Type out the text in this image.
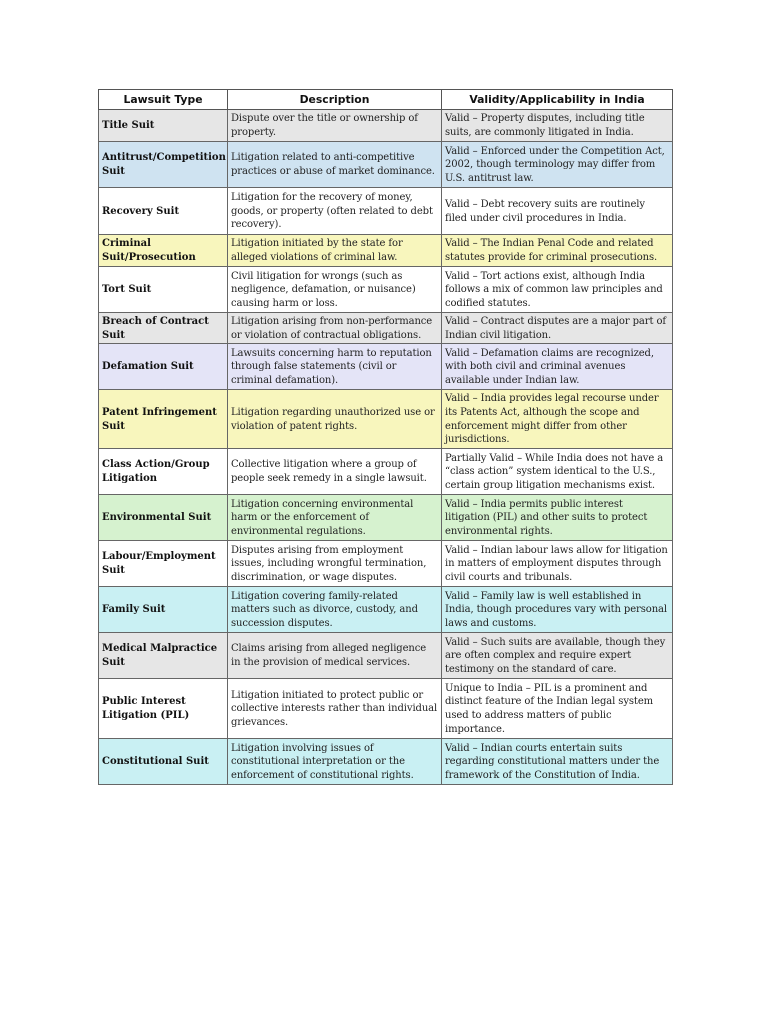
Lawsuit Type	Description	Validity/Applicability in India
Title Suit	Dispute over the title or ownership of property.	Valid – Property disputes, including title suits, are commonly litigated in India.
Antitrust/Competition Suit	Litigation related to anti-competitive practices or abuse of market dominance.	Valid – Enforced under the Competition Act, 2002, though terminology may differ from U.S. antitrust law.
Recovery Suit	Litigation for the recovery of money, goods, or property (often related to debt recovery).	Valid – Debt recovery suits are routinely filed under civil procedures in India.
Criminal Suit/Prosecution	Litigation initiated by the state for alleged violations of criminal law.	Valid – The Indian Penal Code and related statutes provide for criminal prosecutions.
Tort Suit	Civil litigation for wrongs (such as negligence, defamation, or nuisance) causing harm or loss.	Valid – Tort actions exist, although India follows a mix of common law principles and codified statutes.
Breach of Contract Suit	Litigation arising from non-performance or violation of contractual obligations.	Valid – Contract disputes are a major part of Indian civil litigation.
Defamation Suit	Lawsuits concerning harm to reputation through false statements (civil or criminal defamation).	Valid – Defamation claims are recognized, with both civil and criminal avenues available under Indian law.
Patent Infringement Suit	Litigation regarding unauthorized use or violation of patent rights.	Valid – India provides legal recourse under its Patents Act, although the scope and enforcement might differ from other jurisdictions.
Class Action/Group Litigation	Collective litigation where a group of people seek remedy in a single lawsuit.	Partially Valid – While India does not have a “class action” system identical to the U.S., certain group litigation mechanisms exist.
Environmental Suit	Litigation concerning environmental harm or the enforcement of environmental regulations.	Valid – India permits public interest litigation (PIL) and other suits to protect environmental rights.
Labour/Employment Suit	Disputes arising from employment issues, including wrongful termination, discrimination, or wage disputes.	Valid – Indian labour laws allow for litigation in matters of employment disputes through civil courts and tribunals.
Family Suit	Litigation covering family-related matters such as divorce, custody, and succession disputes.	Valid – Family law is well established in India, though procedures vary with personal laws and customs.
Medical Malpractice Suit	Claims arising from alleged negligence in the provision of medical services.	Valid – Such suits are available, though they are often complex and require expert testimony on the standard of care.
Public Interest Litigation (PIL)	Litigation initiated to protect public or collective interests rather than individual grievances.	Unique to India – PIL is a prominent and distinct feature of the Indian legal system used to address matters of public importance.
Constitutional Suit	Litigation involving issues of constitutional interpretation or the enforcement of constitutional rights.	Valid – Indian courts entertain suits regarding constitutional matters under the framework of the Constitution of India.
